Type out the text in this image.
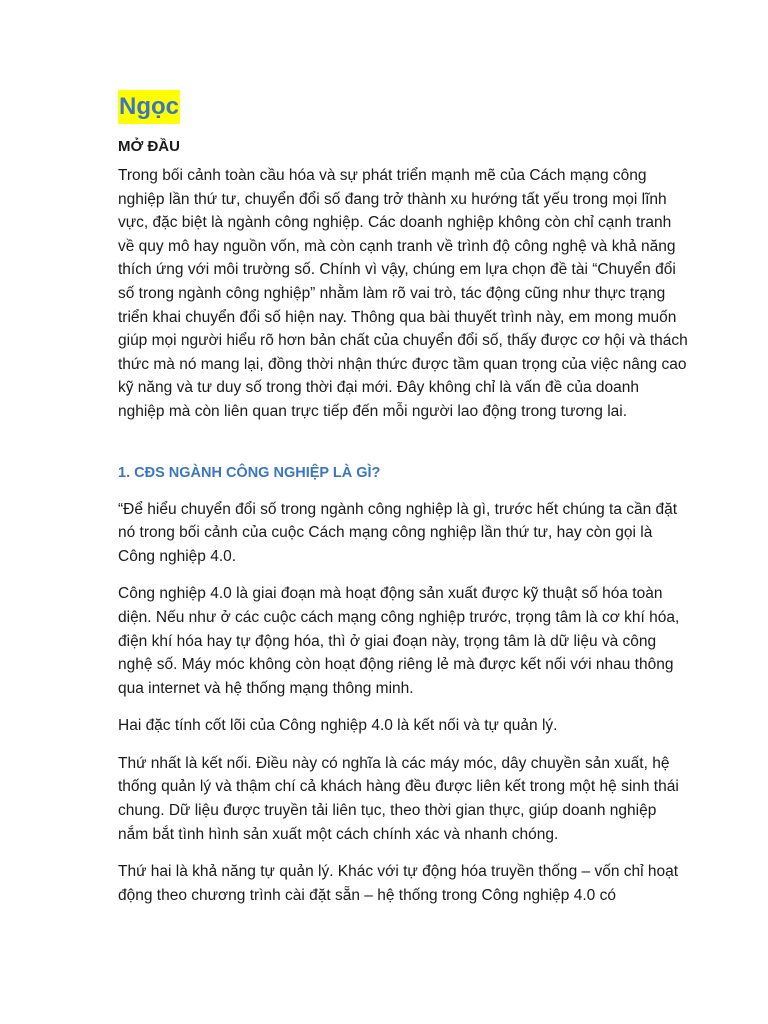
Ngọc
MỞ ĐẦU

Trong bối cảnh toàn cầu hóa và sự phát triển mạnh mẽ của Cách mạng công nghiệp lần thứ tư, chuyển đổi số đang trở thành xu hướng tất yếu trong mọi lĩnh vực, đặc biệt là ngành công nghiệp. Các doanh nghiệp không còn chỉ cạnh tranh về quy mô hay nguồn vốn, mà còn cạnh tranh về trình độ công nghệ và khả năng thích ứng với môi trường số. Chính vì vậy, chúng em lựa chọn đề tài “Chuyển đổi số trong ngành công nghiệp” nhằm làm rõ vai trò, tác động cũng như thực trạng triển khai chuyển đổi số hiện nay. Thông qua bài thuyết trình này, em mong muốn giúp mọi người hiểu rõ hơn bản chất của chuyển đổi số, thấy được cơ hội và thách thức mà nó mang lại, đồng thời nhận thức được tầm quan trọng của việc nâng cao kỹ năng và tư duy số trong thời đại mới. Đây không chỉ là vấn đề của doanh nghiệp mà còn liên quan trực tiếp đến mỗi người lao động trong tương lai.

1. CĐS NGÀNH CÔNG NGHIỆP LÀ GÌ?

“Để hiểu chuyển đổi số trong ngành công nghiệp là gì, trước hết chúng ta cần đặt nó trong bối cảnh của cuộc Cách mạng công nghiệp lần thứ tư, hay còn gọi là Công nghiệp 4.0.

Công nghiệp 4.0 là giai đoạn mà hoạt động sản xuất được kỹ thuật số hóa toàn diện. Nếu như ở các cuộc cách mạng công nghiệp trước, trọng tâm là cơ khí hóa, điện khí hóa hay tự động hóa, thì ở giai đoạn này, trọng tâm là dữ liệu và công nghệ số. Máy móc không còn hoạt động riêng lẻ mà được kết nối với nhau thông qua internet và hệ thống mạng thông minh.

Hai đặc tính cốt lõi của Công nghiệp 4.0 là kết nối và tự quản lý.

Thứ nhất là kết nối. Điều này có nghĩa là các máy móc, dây chuyền sản xuất, hệ thống quản lý và thậm chí cả khách hàng đều được liên kết trong một hệ sinh thái chung. Dữ liệu được truyền tải liên tục, theo thời gian thực, giúp doanh nghiệp nắm bắt tình hình sản xuất một cách chính xác và nhanh chóng.

Thứ hai là khả năng tự quản lý. Khác với tự động hóa truyền thống – vốn chỉ hoạt động theo chương trình cài đặt sẵn – hệ thống trong Công nghiệp 4.0 có
